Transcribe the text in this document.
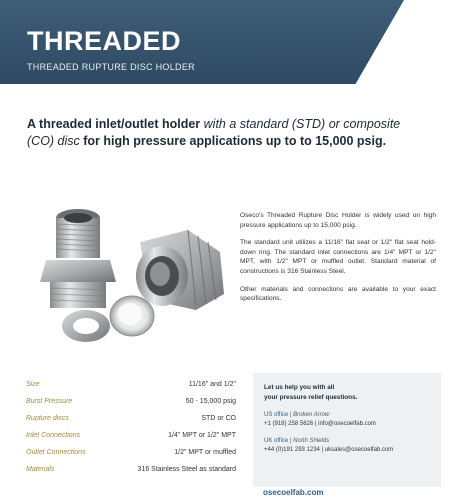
THREADED
THREADED RUPTURE DISC HOLDER
A threaded inlet/outlet holder with a standard (STD) or composite (CO) disc for high pressure applications up to to 15,000 psig.

Oseco's Threaded Rupture Disc Holder is widely used on high pressure applications up to 15,000 psig.

The standard unit utilizes a 11/16" flat seat or 1/2" flat seat hold-down ring. The standard inlet connections are 1/4" MPT or 1/2" MPT, with 1/2" MPT or muffled outlet. Standard material of constructions is 316 Stainless Steel.

Other materials and connections are available to your exact specifications.

Size	11/16" and 1/2"
Burst Pressure	50 - 15,000 psig
Rupture discs	STD or CO
Inlet Connections	1/4" MPT or 1/2" MPT
Outlet Connections	1/2" MPT or muffled
Materials	316 Stainless Steel as standard
Let us help you with all
your pressure relief questions.
US office | Broken Arrow
+1 (918) 258 5626 | info@osecoelfab.com
UK office | North Shields
+44 (0)191 293 1234 | uksales@osecoelfab.com
osecoelfab.com
